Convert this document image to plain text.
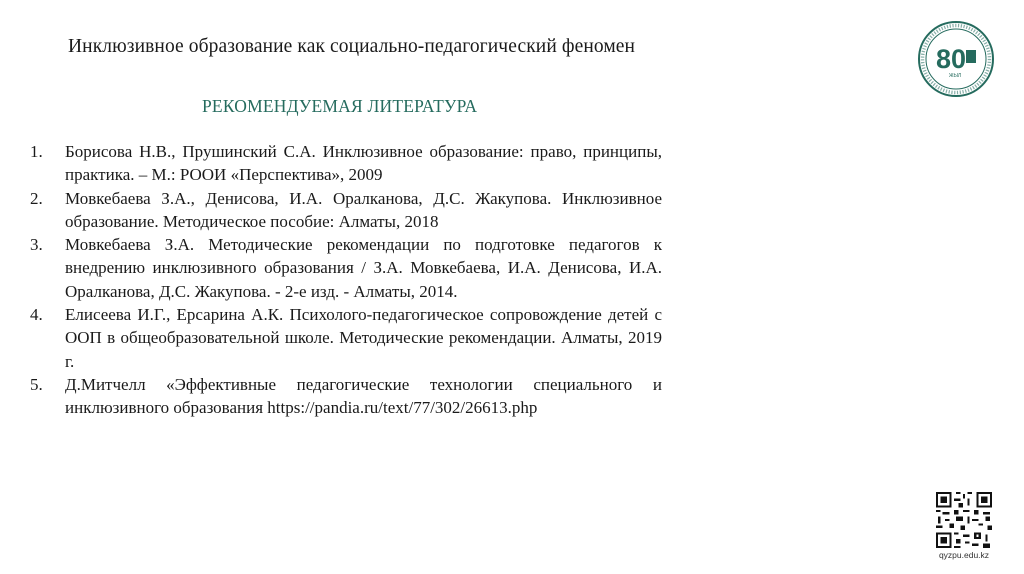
Инклюзивное образование как социально-педагогический феномен	80
ЖЫЛ
РЕКОМЕНДУЕМАЯ ЛИТЕРАТУРА
1.	Борисова Н.В., Прушинский С.А. Инклюзивное образование: право, принципы, практика. – М.: РООИ «Перспектива», 2009
2.	Мовкебаева З.А., Денисова, И.А. Оралканова, Д.С. Жакупова. Инклюзивное образование. Методическое пособие: Алматы, 2018
3.	Мовкебаева З.А. Методические рекомендации по подготовке педагогов к внедрению инклюзивного образования / З.А. Мовкебаева, И.А. Денисова, И.А. Оралканова, Д.С. Жакупова. - 2-е изд. - Алматы, 2014.
4.	Елисеева И.Г., Ерсарина А.К. Психолого-педагогическое сопровождение детей с ООП в общеобразовательной школе. Методические рекомендации. Алматы, 2019 г.
5.	Д.Митчелл «Эффективные педагогические технологии специального и инклюзивного образования https://pandia.ru/text/77/302/26613.php
qyzpu.edu.kz
